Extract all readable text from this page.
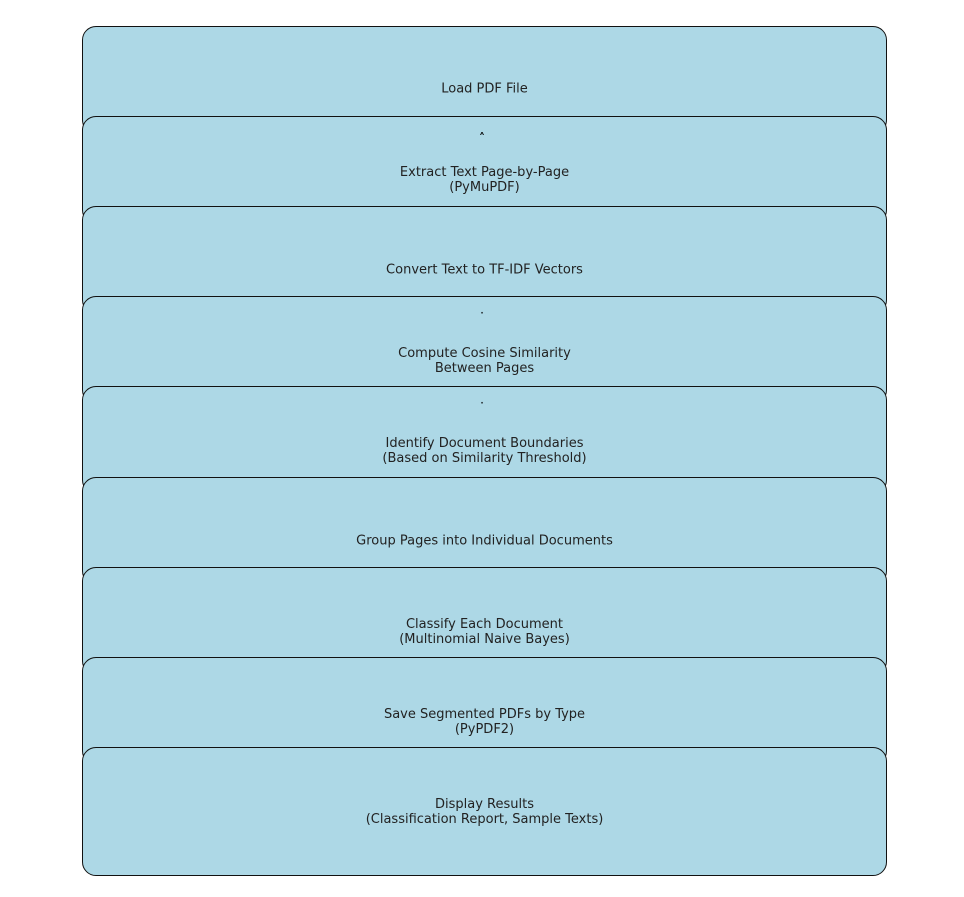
Load PDF File
Extract Text Page-by-Page
(PyMuPDF)
Convert Text to TF-IDF Vectors
Compute Cosine Similarity
Between Pages
Identify Document Boundaries
(Based on Similarity Threshold)
Group Pages into Individual Documents
Classify Each Document
(Multinomial Naive Bayes)
Save Segmented PDFs by Type
(PyPDF2)
Display Results
(Classification Report, Sample Texts)
˄
·
·
